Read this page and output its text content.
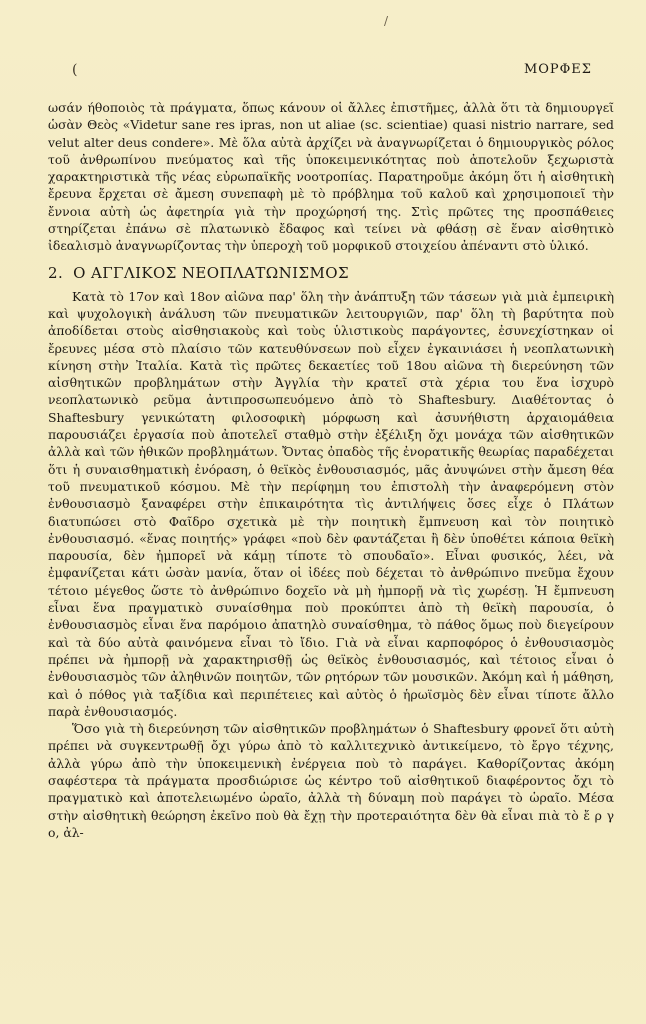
/
(	ΜΟΡΦΕΣ

ωσάν ήθοποιὸς τὰ πράγματα, ὅπως κάνουν οἱ ἄλλες ἐπιστῆμες, ἀλλὰ ὅτι τὰ δημιουργεῖ ὡσὰν Θεὸς «Videtur sane res ipras, non ut aliae (sc. scientiae) quasi nistrio narrare, sed velut alter deus condere». Μὲ ὅλα αὐτὰ ἀρχίζει νὰ ἀναγνωρίζεται ὁ δημιουργικὸς ρόλος τοῦ ἀνθρωπίνου πνεύματος καὶ τῆς ὑποκειμενικότητας ποὺ ἀποτελοῦν ξεχωριστὰ χαρακτηριστικὰ τῆς νέας εὐρωπαϊκῆς νοοτροπίας. Παρατηροῦμε ἀκόμη ὅτι ἡ αἰσθητικὴ ἔρευνα ἔρχεται σὲ ἄμεση συνεπαφὴ μὲ τὸ πρόβλημα τοῦ καλοῦ καὶ χρησιμοποιεῖ τὴν ἔννοια αὐτὴ ὡς ἀφετηρία γιὰ τὴν προχώρησή της. Στὶς πρῶτες της προσπάθειες στηρίζεται ἐπάνω σὲ πλατωνικὸ ἔδαφος καὶ τείνει νὰ φθάσῃ σὲ ἕναν αἰσθητικὸ ἰδεαλισμὸ ἀναγνωρίζοντας τὴν ὑπεροχὴ τοῦ μορφικοῦ στοιχείου ἀπέναντι στὸ ὑλικό.

2. Ο ΑΓΓΛΙΚΟΣ ΝΕΟΠΛΑΤΩΝΙΣΜΟΣ

Κατὰ τὸ 17ον καὶ 18ον αἰῶνα παρ' ὅλη τὴν ἀνάπτυξη τῶν τάσεων γιὰ μιὰ ἐμπειρικὴ καὶ ψυχολογικὴ ἀνάλυση τῶν πνευματικῶν λειτουργιῶν, παρ' ὅλη τὴ βαρύτητα ποὺ ἀποδίδεται στοὺς αἰσθησιακοὺς καὶ τοὺς ὑλιστικοὺς παράγοντες, ἐσυνεχίστηκαν οἱ ἔρευνες μέσα στὸ πλαίσιο τῶν κατευθύνσεων ποὺ εἶχεν ἐγκαινιάσει ἡ νεοπλατωνικὴ κίνηση στὴν Ἰταλία. Κατὰ τὶς πρῶτες δεκαετίες τοῦ 18ου αἰῶνα τὴ διερεύνηση τῶν αἰσθητικῶν προβλημάτων στὴν Ἀγγλία τὴν κρατεῖ στὰ χέρια του ἕνα ἰσχυρὸ νεοπλατωνικὸ ρεῦμα ἀντιπροσωπευόμενο ἀπὸ τὸ Shaftesbury. Διαθέτοντας ὁ Shaftesbury γενικώτατη φιλοσοφικὴ μόρφωση καὶ ἀσυνήθιστη ἀρχαιομάθεια παρουσιάζει ἐργασία ποὺ ἀποτελεῖ σταθμὸ στὴν ἐξέλιξη ὄχι μονάχα τῶν αἰσθητικῶν ἀλλὰ καὶ τῶν ἠθικῶν προβλημάτων. Ὄντας ὀπαδὸς τῆς ἐνορατικῆς θεωρίας παραδέχεται ὅτι ἡ συναισθηματικὴ ἐνόραση, ὁ θεϊκὸς ἐνθουσιασμός, μᾶς ἀνυψώνει στὴν ἄμεση θέα τοῦ πνευματικοῦ κόσμου. Μὲ τὴν περίφημη του ἐπιστολὴ τὴν ἀναφερόμενη στὸν ἐνθουσιασμὸ ξαναφέρει στὴν ἐπικαιρότητα τὶς ἀντιλήψεις ὅσες εἶχε ὁ Πλάτων διατυπώσει στὸ Φαῖδρο σχετικὰ μὲ τὴν ποιητικὴ ἔμπνευση καὶ τὸν ποιητικὸ ἐνθουσιασμό. «ἕνας ποιητής» γράφει «ποὺ δὲν φαντάζεται ἢ δὲν ὑποθέτει κάποια θεϊκὴ παρουσία, δὲν ἠμπορεῖ νὰ κάμῃ τίποτε τὸ σπουδαῖο». Εἶναι φυσικός, λέει, νὰ ἐμφανίζεται κάτι ὡσὰν μανία, ὅταν οἱ ἰδέες ποὺ δέχεται τὸ ἀνθρώπινο πνεῦμα ἔχουν τέτοιο μέγεθος ὥστε τὸ ἀνθρώπινο δοχεῖο νὰ μὴ ἠμπορῇ νὰ τὶς χωρέσῃ. Ἡ ἔμπνευση εἶναι ἕνα πραγματικὸ συναίσθημα ποὺ προκύπτει ἀπὸ τὴ θεϊκὴ παρουσία, ὁ ἐνθουσιασμὸς εἶναι ἕνα παρόμοιο ἀπατηλὸ συναίσθημα, τὸ πάθος ὅμως ποὺ διεγείρουν καὶ τὰ δύο αὐτὰ φαινόμενα εἶναι τὸ ἴδιο. Γιὰ νὰ εἶναι καρποφόρος ὁ ἐνθουσιασμὸς πρέπει νὰ ἠμπορῇ νὰ χαρακτηρισθῇ ὡς θεϊκὸς ἐνθουσιασμός, καὶ τέτοιος εἶναι ὁ ἐνθουσιασμὸς τῶν ἀληθινῶν ποιητῶν, τῶν ρητόρων τῶν μουσικῶν. Ἀκόμη καὶ ἡ μάθηση, καὶ ὁ πόθος γιὰ ταξίδια καὶ περιπέτειες καὶ αὐτὸς ὁ ἡρωϊσμὸς δὲν εἶναι τίποτε ἄλλο παρὰ ἐνθουσιασμός.

Ὅσο γιὰ τὴ διερεύνηση τῶν αἰσθητικῶν προβλημάτων ὁ Shaftesbury φρονεῖ ὅτι αὐτὴ πρέπει νὰ συγκεντρωθῇ ὄχι γύρω ἀπὸ τὸ καλλιτεχνικὸ ἀντικείμενο, τὸ ἔργο τέχνης, ἀλλὰ γύρω ἀπὸ τὴν ὑποκειμενικὴ ἐνέργεια ποὺ τὸ παράγει. Καθορίζοντας ἀκόμη σαφέστερα τὰ πράγματα προσδιώρισε ὡς κέντρο τοῦ αἰσθητικοῦ διαφέροντος ὄχι τὸ πραγματικὸ καὶ ἀποτελειωμένο ὡραῖο, ἀλλὰ τὴ δύναμη ποὺ παράγει τὸ ὡραῖο. Μέσα στὴν αἰσθητικὴ θεώρηση ἐκεῖνο ποὺ θὰ ἔχῃ τὴν προτεραιότητα δὲν θὰ εἶναι πιὰ τὸ ἔ ρ γ ο, ἀλ-
